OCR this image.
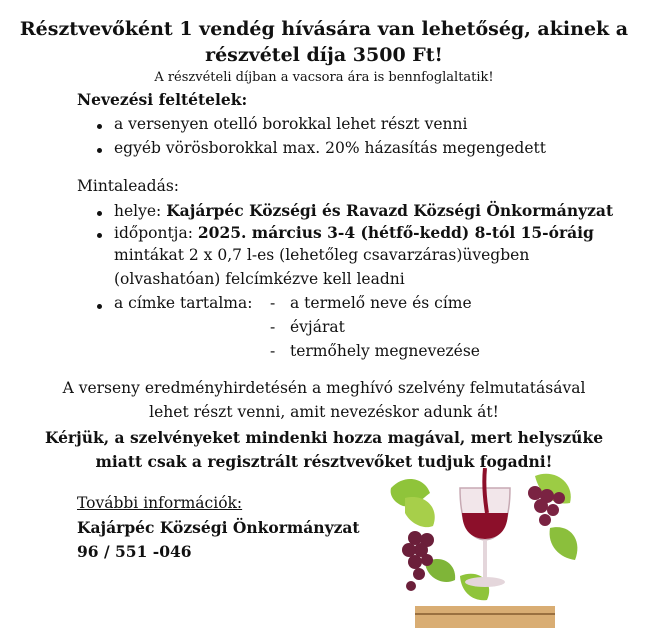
Résztvevőként 1 vendég hívására van lehetőség, akinek a
részvétel díja 3500 Ft!
A részvételi díjban a vacsora ára is bennfoglaltatik!
Nevezési feltételek:
a versenyen otelló borokkal lehet részt venni
egyéb vörösborokkal max. 20% házasítás megengedett
Mintaleadás:
helye: Kajárpéc Községi és Ravazd Községi Önkormányzat
időpontja: 2025. március 3-4 (hétfő-kedd) 8-tól 15-óráig
mintákat 2 x 0,7 l-es (lehetőleg csavarzáras)üvegben
(olvashatóan) felcímkézve kell leadni
a címke tartalma: - a termelő neve és címe
- évjárat
- termőhely megnevezése
A verseny eredményhirdetésén a meghívó szelvény felmutatásával
lehet részt venni, amit nevezéskor adunk át!
Kérjük, a szelvényeket mindenki hozza magával, mert helyszűke
miatt csak a regisztrált résztvevőket tudjuk fogadni!
További információk:
Kajárpéc Községi Önkormányzat
96 / 551 -046
